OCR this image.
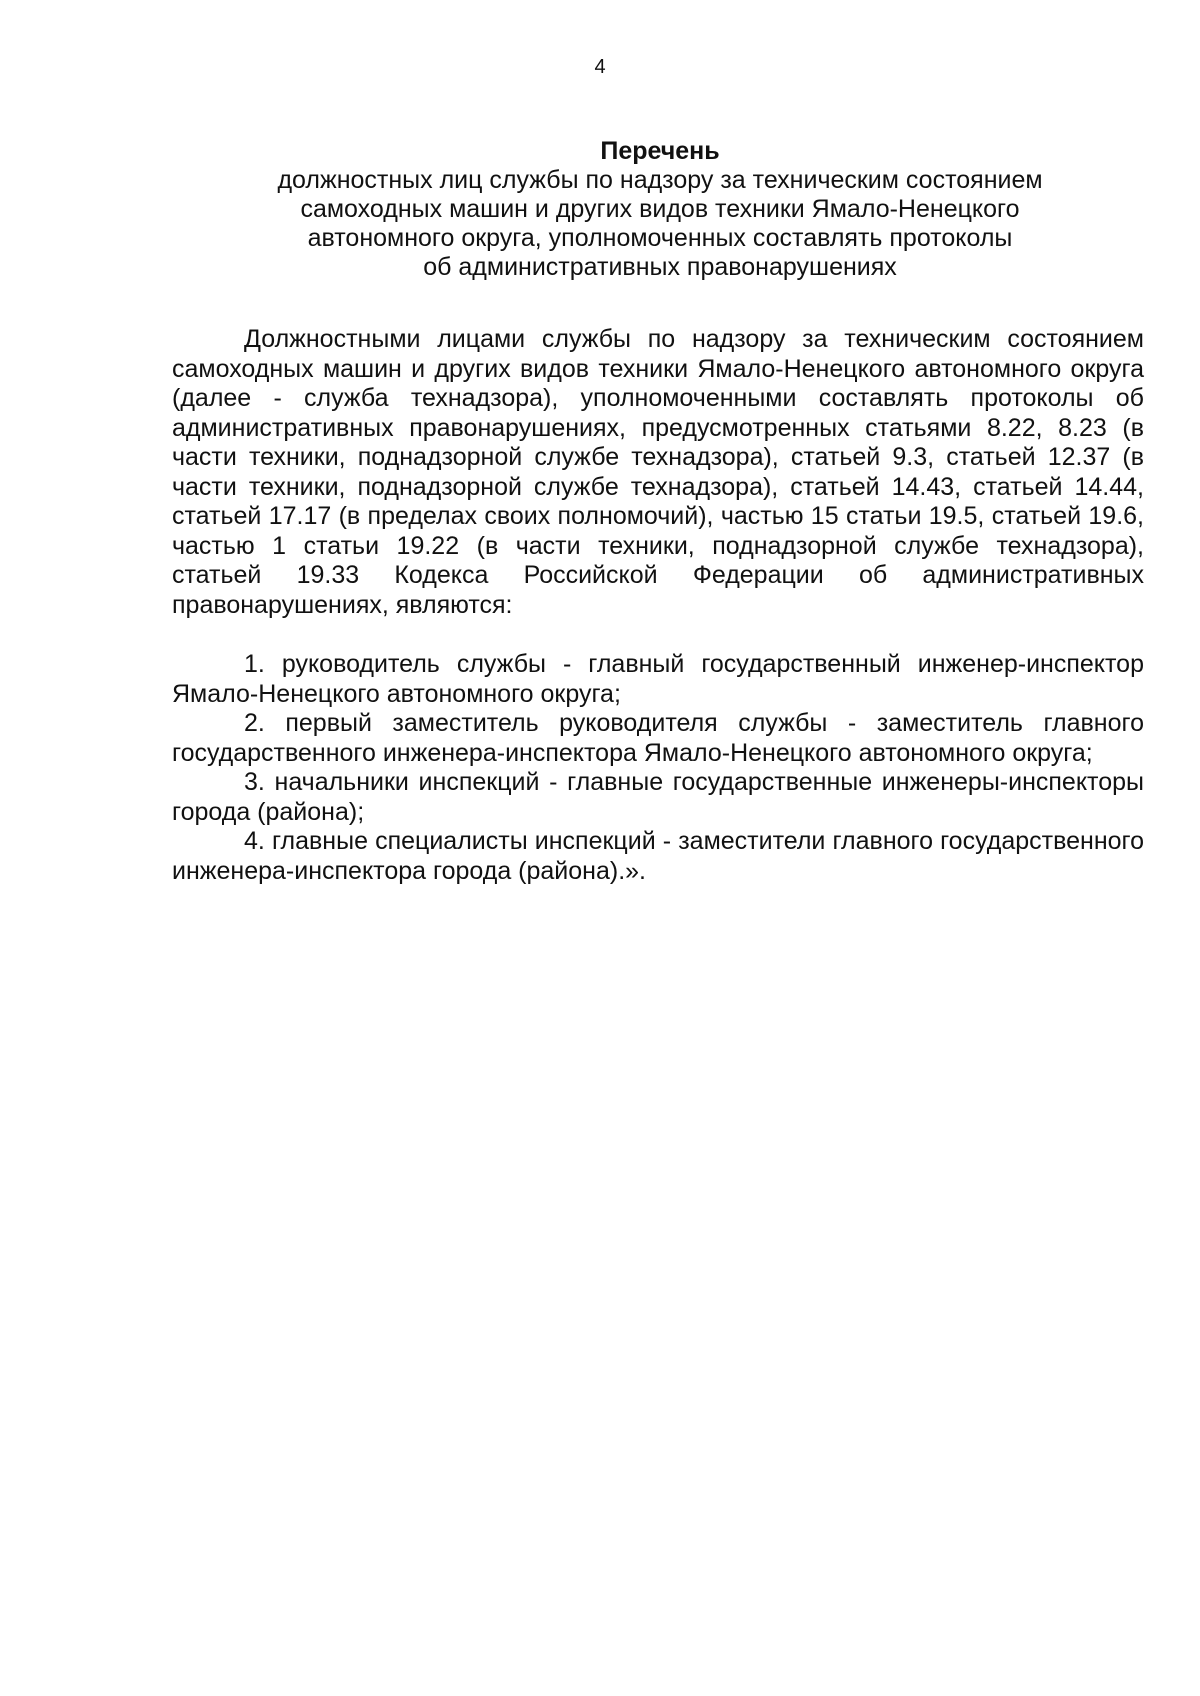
4

Перечень

должностных лиц службы по надзору за техническим состоянием

самоходных машин и других видов техники Ямало-Ненецкого

автономного округа, уполномоченных составлять протоколы

об административных правонарушениях

Должностными лицами службы по надзору за техническим состоянием самоходных машин и других видов техники Ямало-Ненецкого автономного округа (далее - служба технадзора), уполномоченными составлять протоколы об административных правонарушениях, предусмотренных статьями 8.22, 8.23 (в части техники, поднадзорной службе технадзора), статьей 9.3, статьей 12.37 (в части техники, поднадзорной службе технадзора), статьей 14.43, статьей 14.44, статьей 17.17 (в пределах своих полномочий), частью 15 статьи 19.5, статьей 19.6, частью 1 статьи 19.22 (в части техники, поднадзорной службе технадзора), статьей 19.33 Кодекса Российской Федерации об административных правонарушениях, являются:

1. руководитель службы - главный государственный инженер-инспектор Ямало-Ненецкого автономного округа;
2. первый заместитель руководителя службы - заместитель главного государственного инженера-инспектора Ямало-Ненецкого автономного округа;
3. начальники инспекций - главные государственные инженеры-инспекторы города (района);
4. главные специалисты инспекций - заместители главного государственного инженера-инспектора города (района).».
